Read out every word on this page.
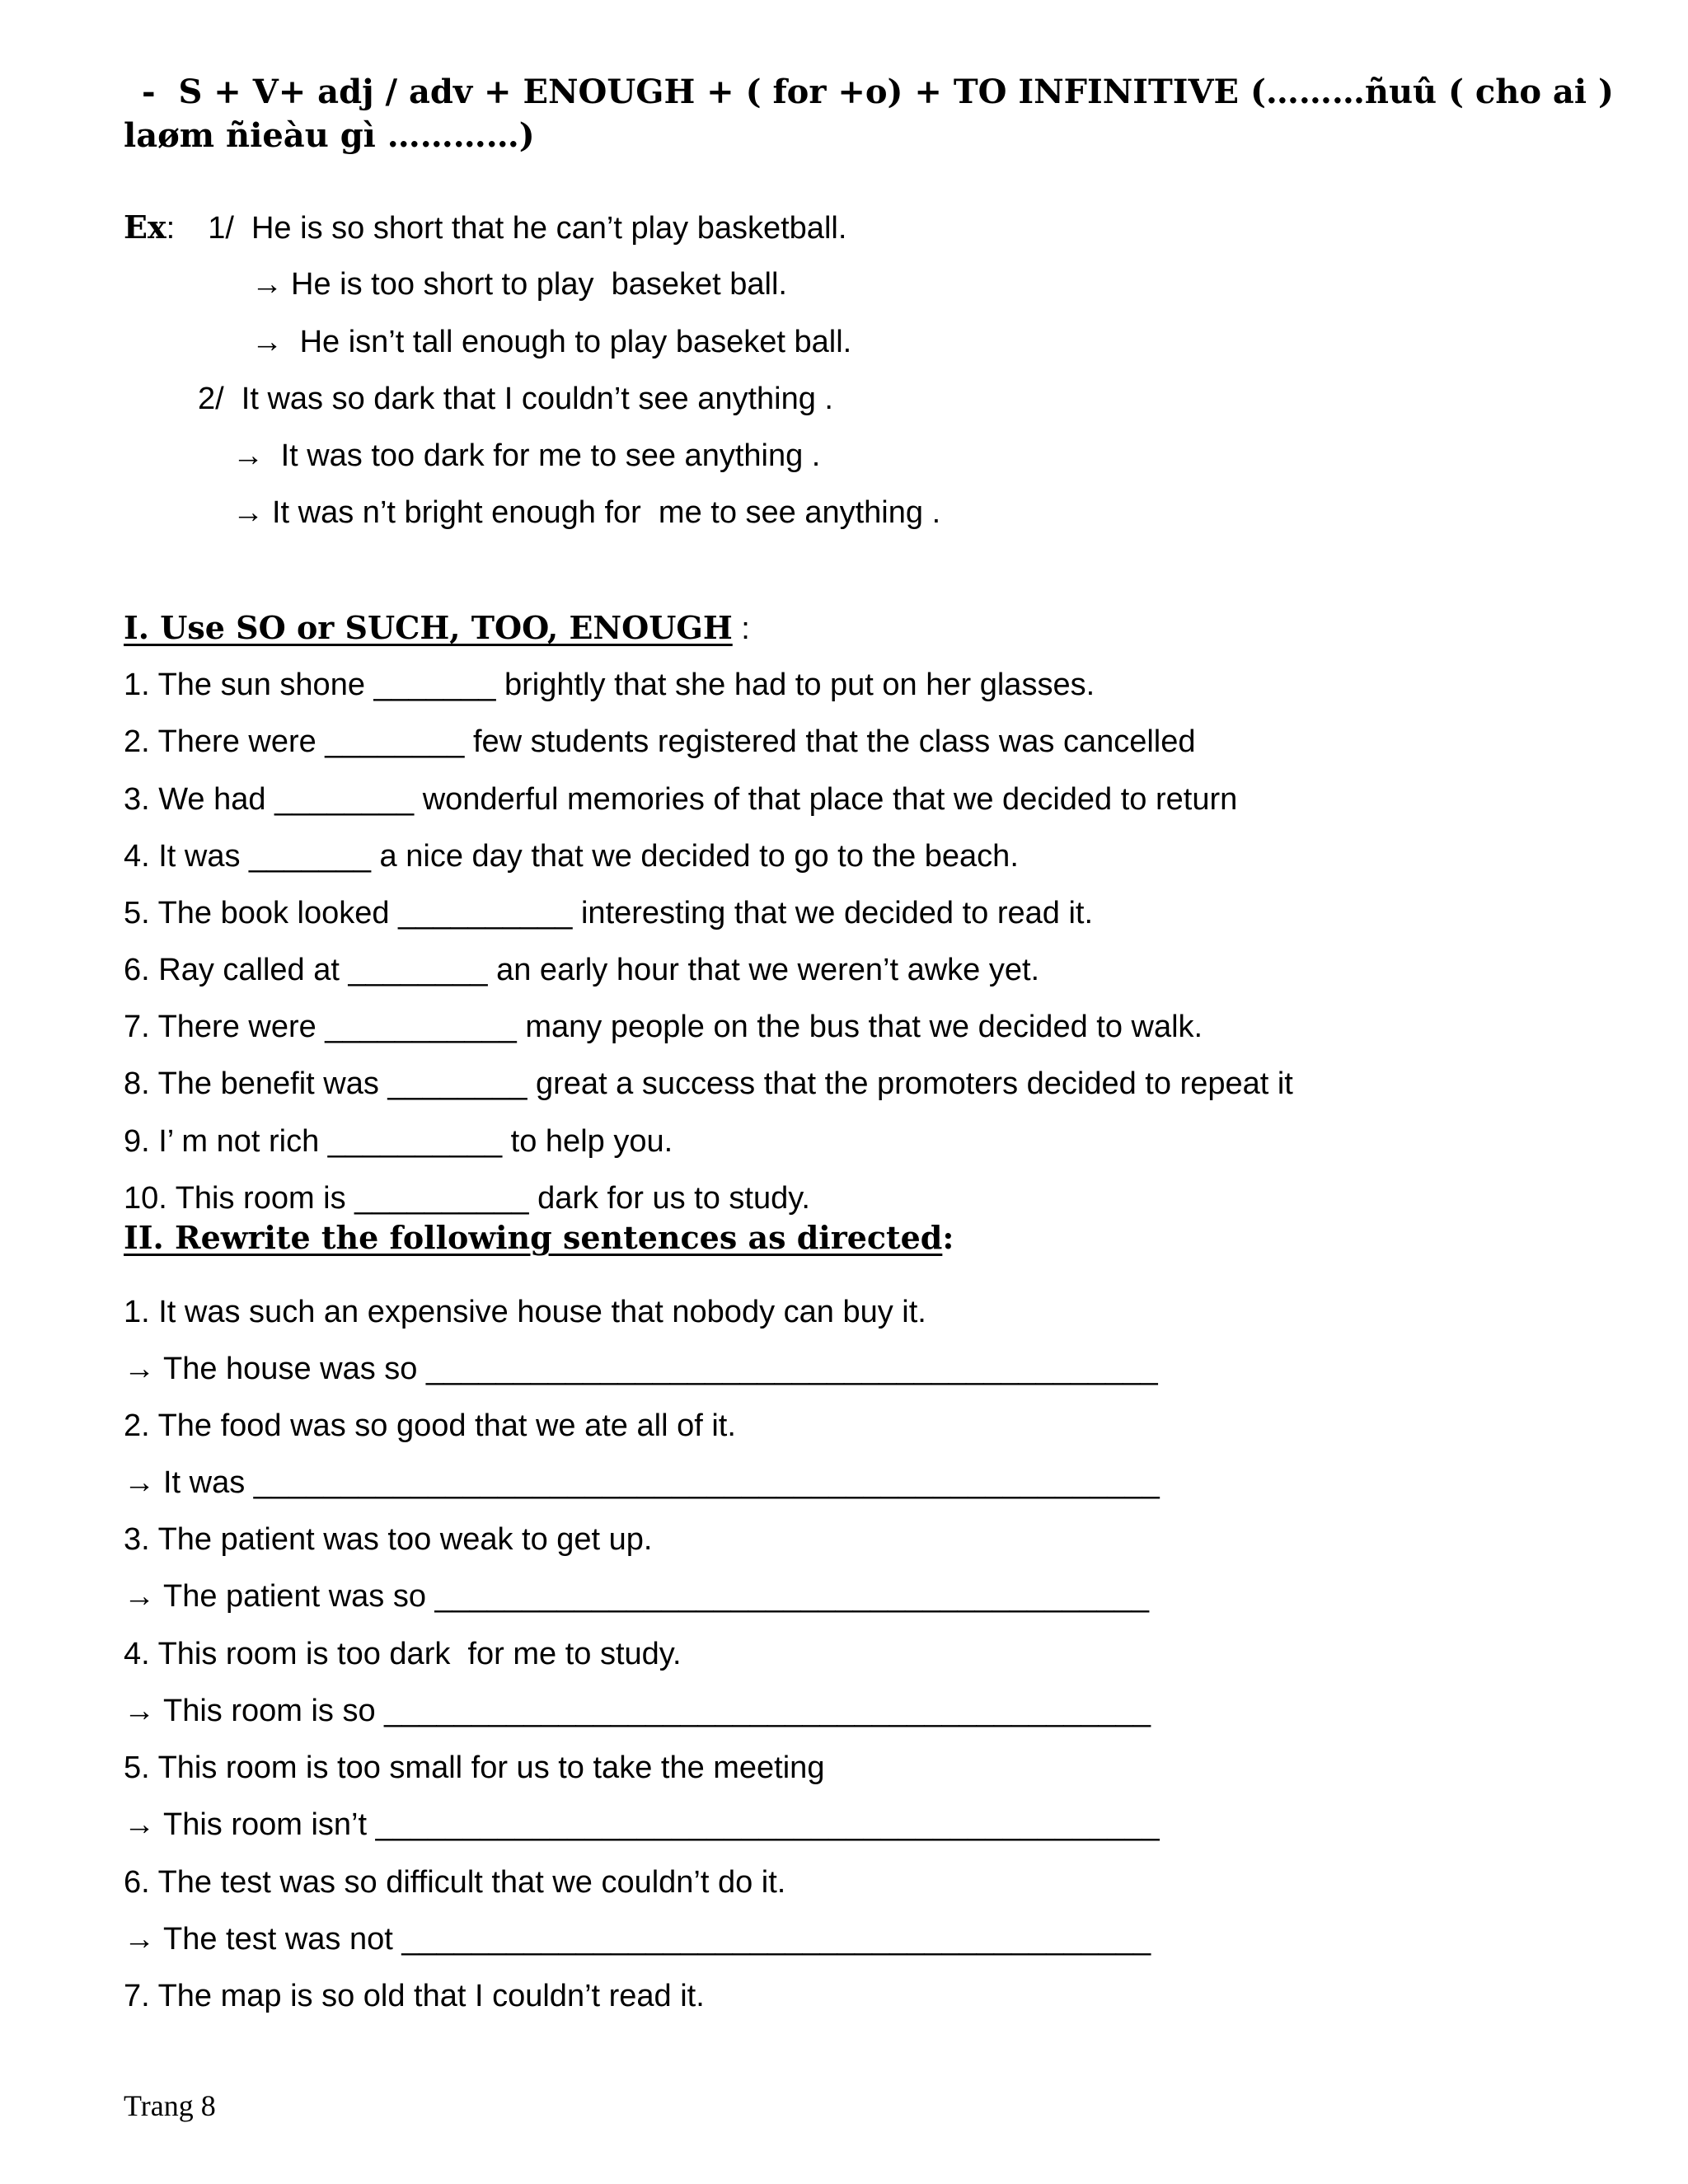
-  S + V+ adj / adv + ENOUGH + ( for +o) + TO INFINITIVE (………ñuû ( cho ai )
laøm ñieàu gì …………)
Ex: 1/  He is so short that he can’t play basketball.
→ He is too short to play  baseket ball.
→ He isn’t tall enough to play baseket ball.
2/  It was so dark that I couldn’t see anything .
→ It was too dark for me to see anything .
→ It was n’t bright enough for  me to see anything .
I. Use SO or SUCH, TOO, ENOUGH :
1. The sun shone _______ brightly that she had to put on her glasses.
2. There were ________ few students registered that the class was cancelled
3. We had ________ wonderful memories of that place that we decided to return
4. It was _______ a nice day that we decided to go to the beach.
5. The book looked __________ interesting that we decided to read it.
6. Ray called at ________ an early hour that we weren’t awke yet.
7. There were ___________ many people on the bus that we decided to walk.
8. The benefit was ________ great a success that the promoters decided to repeat it
9. I’ m not rich __________ to help you.
10. This room is __________ dark for us to study.
II. Rewrite the following sentences as directed:
1. It was such an expensive house that nobody can buy it.
→ The house was so __________________________________________
2. The food was so good that we ate all of it.
→ It was ____________________________________________________
3. The patient was too weak to get up.
→ The patient was so _________________________________________
4. This room is too dark  for me to study.
→ This room is so ____________________________________________
5. This room is too small for us to take the meeting
→ This room isn’t _____________________________________________
6. The test was so difficult that we couldn’t do it.
→ The test was not ___________________________________________
7. The map is so old that I couldn’t read it.
Trang 8
